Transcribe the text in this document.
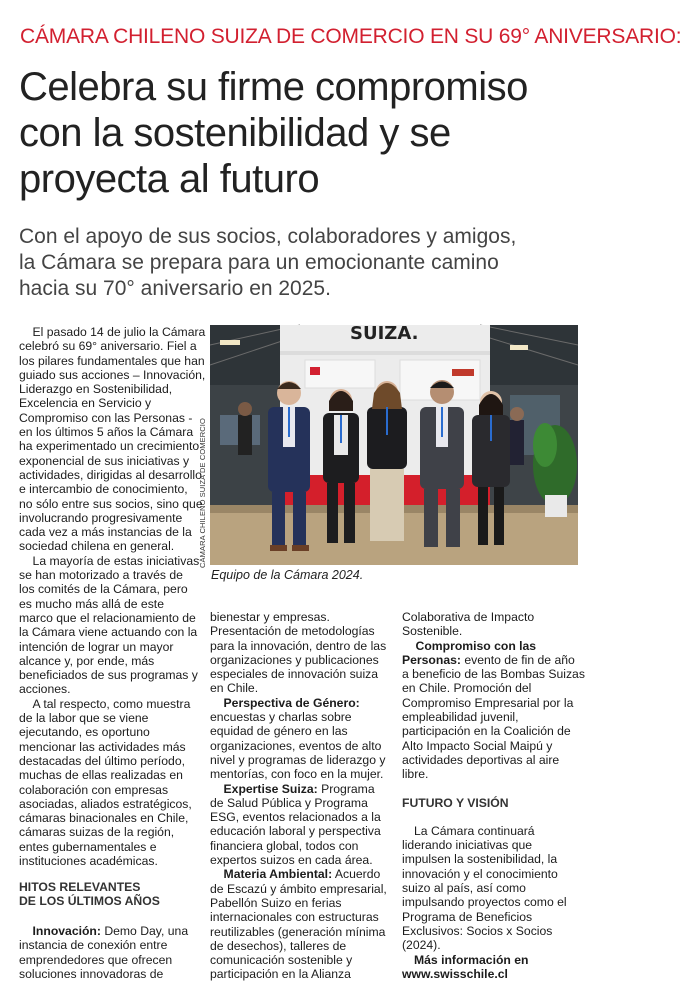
CÁMARA CHILENO SUIZA DE COMERCIO EN SU 69° ANIVERSARIO:
Celebra su firme compromiso
con la sostenibilidad y se
proyecta al futuro
Con el apoyo de sus socios, colaboradores y amigos,
la Cámara se prepara para un emocionante camino
hacia su 70° aniversario en 2025.
El pasado 14 de julio la Cámara
celebró su 69° aniversario. Fiel a
los pilares fundamentales que han
guiado sus acciones – Innovación,
Liderazgo en Sostenibilidad,
Excelencia en Servicio y
Compromiso con las Personas -
en los últimos 5 años la Cámara
ha experimentado un crecimiento
exponencial de sus iniciativas y
actividades, dirigidas al desarrollo
e intercambio de conocimiento,
no sólo entre sus socios, sino que
involucrando progresivamente
cada vez a más instancias de la
sociedad chilena en general.
La mayoría de estas iniciativas
se han motorizado a través de
los comités de la Cámara, pero
es mucho más allá de este
marco que el relacionamiento de
la Cámara viene actuando con la
intención de lograr un mayor
alcance y, por ende, más
beneficiados de sus programas y
acciones.
A tal respecto, como muestra
de la labor que se viene
ejecutando, es oportuno
mencionar las actividades más
destacadas del último período,
muchas de ellas realizadas en
colaboración con empresas
asociadas, aliados estratégicos,
cámaras binacionales en Chile,
cámaras suizas de la región,
entes gubernamentales e
instituciones académicas.
HITOS RELEVANTES
DE LOS ÚLTIMOS AÑOS
Innovación: Demo Day, una
instancia de conexión entre
emprendedores que ofrecen
soluciones innovadoras de
SUIZA.
CÁMARA CHILENO SUIZA DE COMERCIO
Equipo de la Cámara 2024.
bienestar y empresas.
Presentación de metodologías
para la innovación, dentro de las
organizaciones y publicaciones
especiales de innovación suiza
en Chile.
Perspectiva de Género:
encuestas y charlas sobre
equidad de género en las
organizaciones, eventos de alto
nivel y programas de liderazgo y
mentorías, con foco en la mujer.
Expertise Suiza: Programa
de Salud Pública y Programa
ESG, eventos relacionados a la
educación laboral y perspectiva
financiera global, todos con
expertos suizos en cada área.
Materia Ambiental: Acuerdo
de Escazú y ámbito empresarial,
Pabellón Suizo en ferias
internacionales con estructuras
reutilizables (generación mínima
de desechos), talleres de
comunicación sostenible y
participación en la Alianza
Colaborativa de Impacto
Sostenible.
Compromiso con las
Personas: evento de fin de año
a beneficio de las Bombas Suizas
en Chile. Promoción del
Compromiso Empresarial por la
empleabilidad juvenil,
participación en la Coalición de
Alto Impacto Social Maipú y
actividades deportivas al aire
libre.
FUTURO Y VISIÓN
La Cámara continuará
liderando iniciativas que
impulsen la sostenibilidad, la
innovación y el conocimiento
suizo al país, así como
impulsando proyectos como el
Programa de Beneficios
Exclusivos: Socios x Socios
(2024).
Más información en
www.swisschile.cl
